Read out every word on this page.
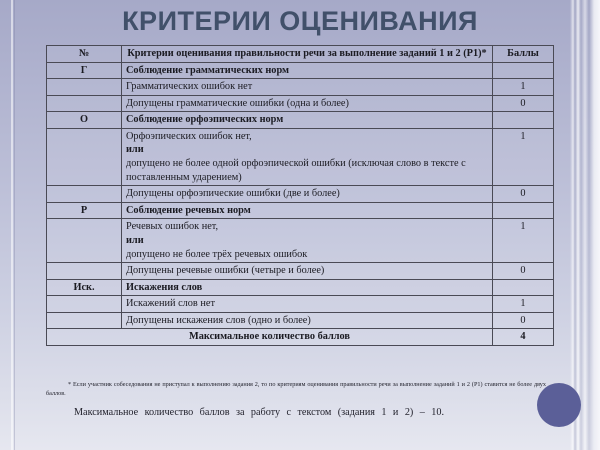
КРИТЕРИИ ОЦЕНИВАНИЯ
№	Критерии оценивания правильности речи за выполнение заданий 1 и 2 (Р1)*	Баллы
Г	Соблюдение грамматических норм	
	Грамматических ошибок нет	1
	Допущены грамматические ошибки (одна и более)	0
О	Соблюдение орфоэпических норм	

	Орфоэпических ошибок нет,
или
допущено не более одной орфоэпической ошибки (исключая слово в тексте с поставленным ударением)	1
	Допущены орфоэпические ошибки (две и более)	0
Р	Соблюдение речевых норм	

	Речевых ошибок нет,
или
допущено не более трёх речевых ошибок	1
	Допущены речевые ошибки (четыре и более)	0
Иск.	Искажения слов	
	Искажений слов нет	1
	Допущены искажения слов (одно и более)	0
Максимальное количество баллов		4
* Если участник собеседования не приступал к выполнению задания 2, то по критериям оценивания правильности речи за выполнение заданий 1 и 2 (Р1) ставится не более двух баллов.
Максимальное количество баллов за работу с текстом (задания 1 и 2) – 10.
